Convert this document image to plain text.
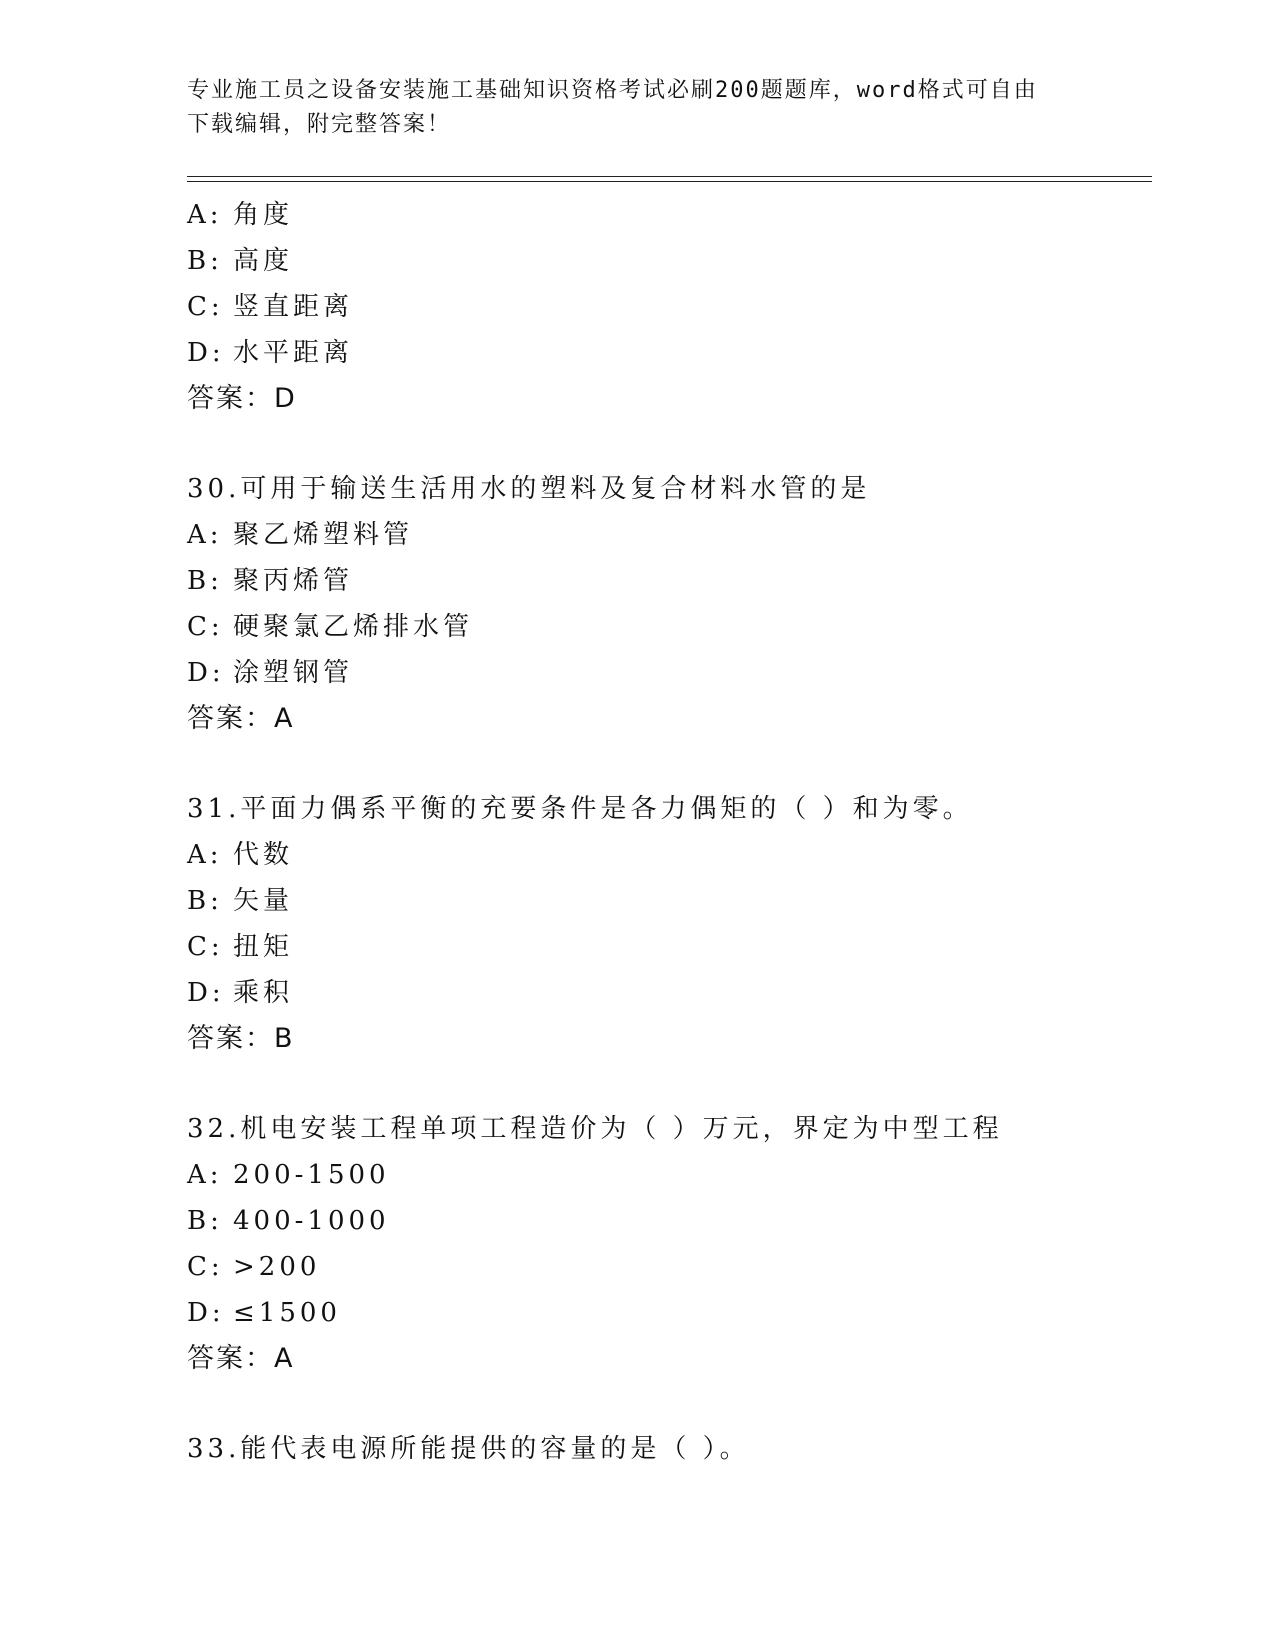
专业施工员之设备安装施工基础知识资格考试必刷200题题库，word格式可自由
下载编辑，附完整答案！
A: 角度
B: 高度
C: 竖直距离
D: 水平距离
答案：D
30.可用于输送生活用水的塑料及复合材料水管的是
A: 聚乙烯塑料管
B: 聚丙烯管
C: 硬聚氯乙烯排水管
D: 涂塑钢管
答案：A
31.平面力偶系平衡的充要条件是各力偶矩的（ ）和为零。
A: 代数
B: 矢量
C: 扭矩
D: 乘积
答案：B
32.机电安装工程单项工程造价为（ ）万元，界定为中型工程
A: 200-1500
B: 400-1000
C: >200
D: ≤1500
答案：A
33.能代表电源所能提供的容量的是（ ）。
